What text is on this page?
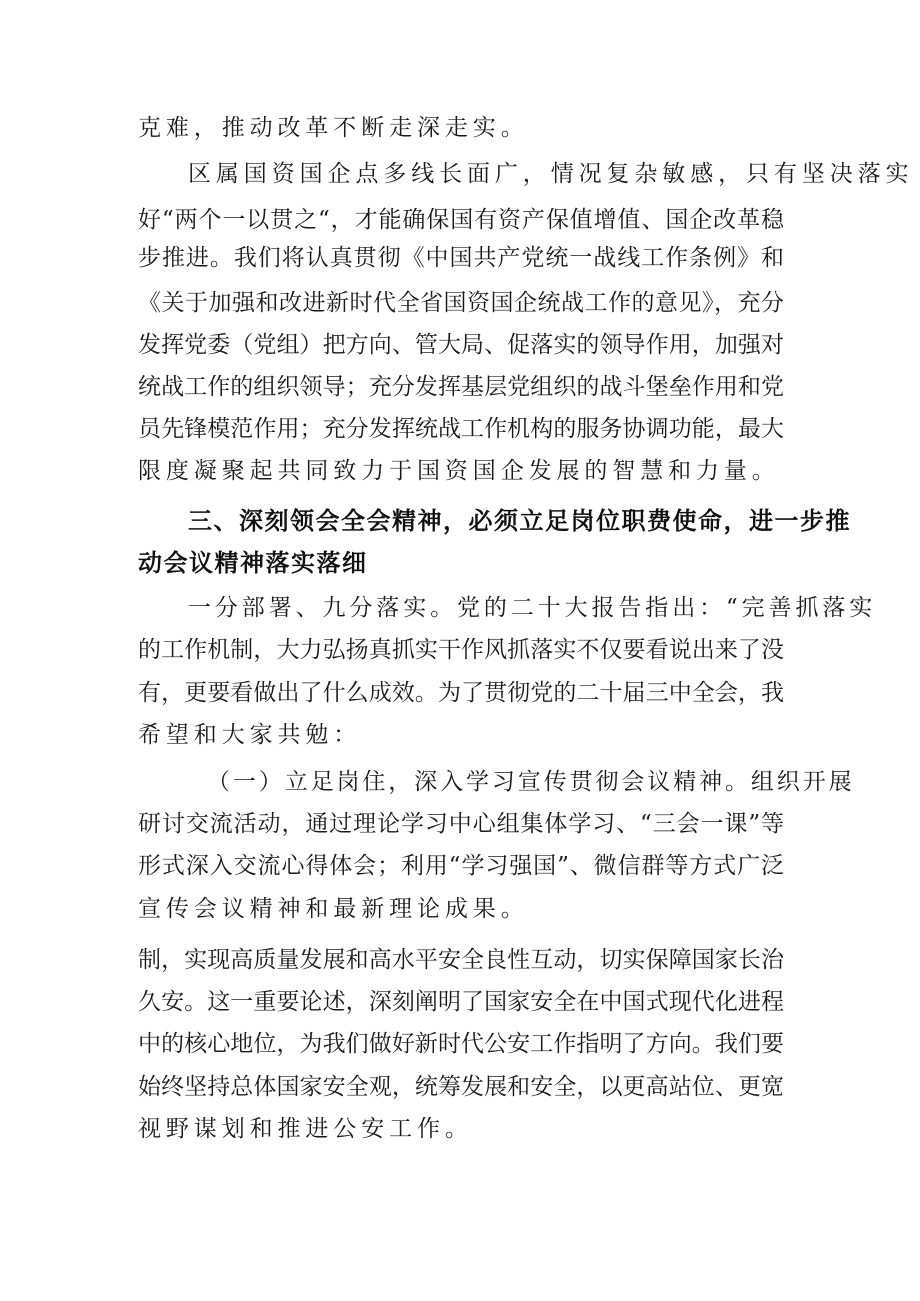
克难，推动改革不断走深走实。

区属国资国企点多线长面广，情况复杂敏感，只有坚决落实

好“两个一以贯之“，才能确保国有资产保值增值、国企改革稳

步推进。我们将认真贯彻《中国共产党统一战线工作条例》和

《关于加强和改进新时代全省国资国企统战工作的意见》，充分

发挥党委（党组）把方向、管大局、促落实的领导作用，加强对

统战工作的组织领导；充分发挥基层党组织的战斗堡垒作用和党

员先锋模范作用；充分发挥统战工作机构的服务协调功能，最大

限度凝聚起共同致力于国资国企发展的智慧和力量。

三、深刻领会全会精神，必须立足岗位职费使命，进一步推

动会议精神落实落细

一分部署、九分落实。党的二十大报告指出：“完善抓落实

的工作机制，大力弘扬真抓实干作风抓落实不仅要看说出来了没

有，更要看做出了什么成效。为了贯彻党的二十届三中全会，我

希望和大家共勉：

（一）立足岗住，深入学习宣传贯彻会议精神。组织开展

研讨交流活动，通过理论学习中心组集体学习、“三会一课”等

形式深入交流心得体会；利用“学习强国”、微信群等方式广泛

宣传会议精神和最新理论成果。

制，实现高质量发展和高水平安全良性互动，切实保障国家长治

久安。这一重要论述，深刻阐明了国家安全在中国式现代化进程

中的核心地位，为我们做好新时代公安工作指明了方向。我们要

始终坚持总体国家安全观，统筹发展和安全，以更高站位、更宽

视野谋划和推进公安工作。
